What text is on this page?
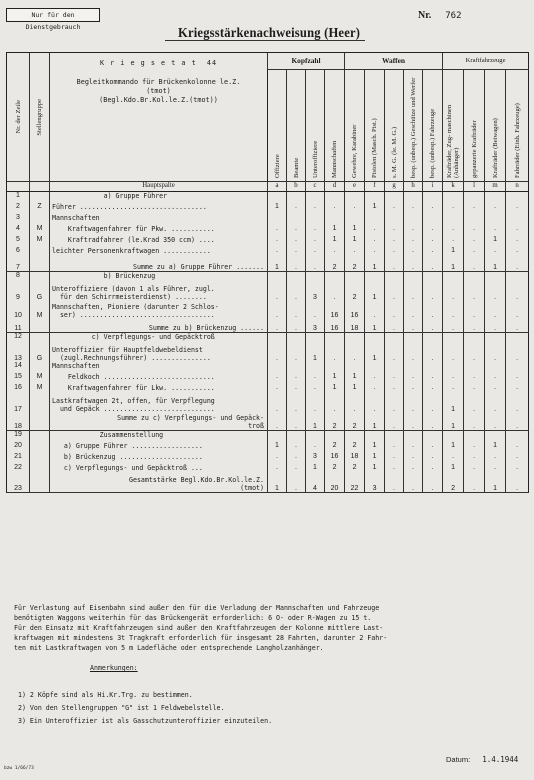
Nur für den Dienstgebrauch
Nr. 762
Kriegsstärkenachweisung (Heer)
Nr. der Zeile	Stellengruppe	K r i e g s e t a t  44
Begleitkommando für Brückenkolonne le.Z.
(tmot)
(Begl.Kdo.Br.Kol.le.Z.(tmot))	Kopfzahl				Waffen					Kraftfahrzeuge			

			Offiziere	Beamte	Unteroffiziere	Mannschaften	Gewehre, Karabiner	Pistolen (Masch. Pist.)	s. M. G. (le. M. G.)	besp. (unbesp.) Geschütze und Werfer	besp. (unbesp.) Fahrzeuge	Krafträder, Zug- maschinen (Anhänger)	gepanzerte Krafträder	Krafträder (Beiwagen)	Fahrräder (Einh. Fahrzeuge)

		Hauptspalte	a	b	c	d	e	f	g	h	i	k	l	m	n
1		a) Gruppe Führer													
2	Z	Führer ................................	1	.	.	.	.	1	.	.	.	.	.	.	.
3		Mannschaften													
4	M	Kraftwagenfahrer für Pkw. ...........	.	.	.	1	1	.	.	.	.	.	.	.	.
5	M	Kraftradfahrer (le.Krad 350 ccm) ....	.	.	.	1	1	.	.	.	.	.	.	1	.
6		leichter Personenkraftwagen ............	.	.	.	.	.	.	.	.	.	1	.	.	.
7		Summe zu a) Gruppe Führer .......	1	.	.	2	2	1	.	.	.	1	.	1	.
8		b) Brückenzug													
9	G	Unteroffiziere (davon 1 als Führer, zugl.
für den Schirrmeisterdienst) ........	.	.	3	.	2	1	.	.	.	.	.	.	.
10	M	Mannschaften, Pioniere (darunter 2 Schlos-
ser) ..................................	.	.	.	16	16	.	.	.	.	.	.	.	.
11		Summe zu b) Brückenzug ......	.	.	3	16	18	1	.	.	.	.	.	.	.
12		c) Verpflegungs- und Gepäcktroß													
13	G	Unteroffizier für Hauptfeldwebeldienst
(zugl.Rechnungsführer) ...............	.	.	1	.	.	1	.	.	.	.	.	.	.
14		Mannschaften													
15	M	Feldkoch ............................	.	.	.	1	1	.	.	.	.	.	.	.	.
16	M	Kraftwagenfahrer für Lkw. ...........	.	.	.	1	1	.	.	.	.	.	.	.	.
17		Lastkraftwagen 2t, offen, für Verpflegung
und Gepäck ............................	.	.	.	.	.	.	.	.	.	1	.	.	.
18		Summe zu c) Verpflegungs- und Gepäck-
troß	.	.	1	2	2	1	.	.	.	1	.	.	.
19		Zusammenstellung													
20		a) Gruppe Führer ..................	1	.	.	2	2	1	.	.	.	1	.	1	.
21		b) Brückenzug .....................	.	.	3	16	18	1	.	.	.	.	.	.	.
22		c) Verpflegungs- und Gepäcktroß ...	.	.	1	2	2	1	.	.	.	1	.	.	.
23		Gesamtstärke Begl.Kdo.Br.Kol.le.Z.
(tmot)	1	.	4	20	22	3	.	.	.	2	.	1	.

Für Verlastung auf Eisenbahn sind außer den für die Verladung der Mannschaften und Fahrzeuge
benötigten Waggons weiterhin für das Brückengerät erforderlich: 6 O- oder R-Wagen zu 15 t.
Für den Einsatz mit Kraftfahrzeugen sind außer den Kraftfahrzeugen der Kolonne mittlere Last-
kraftwagen mit mindestens 3t Tragkraft erforderlich für insgesamt 28 Fahrten, darunter 2 Fahr-
ten mit Lastkraftwagen von 5 m Ladefläche oder entsprechende Langholzanhänger.
Anmerkungen:

1) 2 Köpfe sind als Hi.Kr.Trg. zu bestimmen.
2) Von den Stellengruppen "G" ist 1 Feldwebelstelle.
3) Ein Unteroffizier ist als Gasschutzunteroffizier einzuteilen.
Datum: 1.4.1944
bzw 1/66/73
